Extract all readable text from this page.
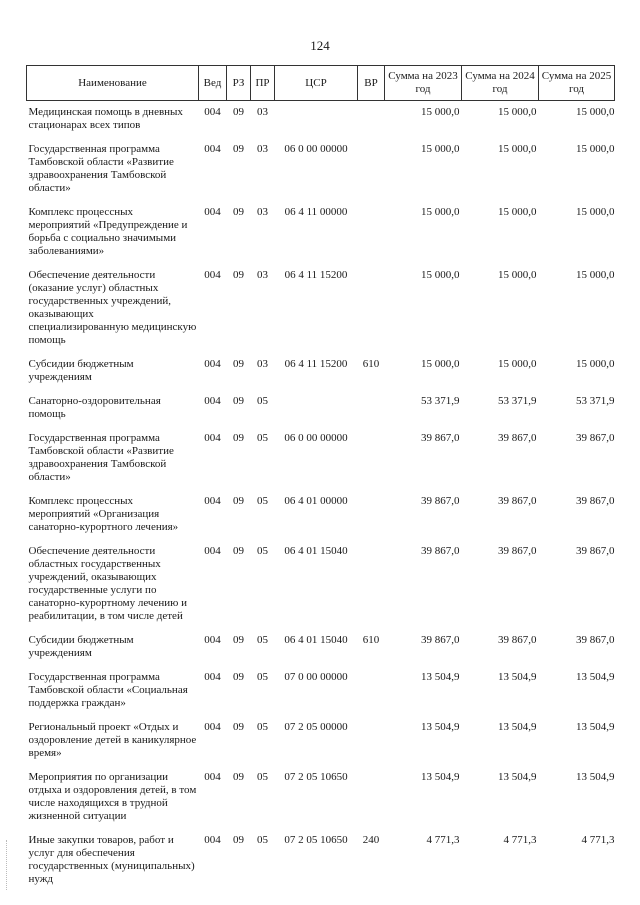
124
Наименование	Вед	РЗ	ПР	ЦСР	ВР	Сумма на 2023 год	Сумма на 2024 год	Сумма на 2025 год
Медицинская помощь в дневных стационарах всех типов	004	09	03			15 000,0	15 000,0	15 000,0
Государственная программа Тамбовской области «Развитие здравоохранения Тамбовской области»	004	09	03	06 0 00 00000		15 000,0	15 000,0	15 000,0
Комплекс процессных мероприятий «Предупреждение и борьба с социально значимыми заболеваниями»	004	09	03	06 4 11 00000		15 000,0	15 000,0	15 000,0
Обеспечение деятельности (оказание услуг) областных государственных учреждений, оказывающих специализированную медицинскую помощь	004	09	03	06 4 11 15200		15 000,0	15 000,0	15 000,0
Субсидии бюджетным учреждениям	004	09	03	06 4 11 15200	610	15 000,0	15 000,0	15 000,0
Санаторно-оздоровительная помощь	004	09	05			53 371,9	53 371,9	53 371,9
Государственная программа Тамбовской области «Развитие здравоохранения Тамбовской области»	004	09	05	06 0 00 00000		39 867,0	39 867,0	39 867,0
Комплекс процессных мероприятий «Организация санаторно-курортного лечения»	004	09	05	06 4 01 00000		39 867,0	39 867,0	39 867,0
Обеспечение деятельности областных государственных учреждений, оказывающих государственные услуги по санаторно-курортному лечению и реабилитации, в том числе детей	004	09	05	06 4 01 15040		39 867,0	39 867,0	39 867,0
Субсидии бюджетным учреждениям	004	09	05	06 4 01 15040	610	39 867,0	39 867,0	39 867,0
Государственная программа Тамбовской области «Социальная поддержка граждан»	004	09	05	07 0 00 00000		13 504,9	13 504,9	13 504,9
Региональный проект «Отдых и оздоровление детей в каникулярное время»	004	09	05	07 2 05 00000		13 504,9	13 504,9	13 504,9
Мероприятия по организации отдыха и оздоровления детей, в том числе находящихся в трудной жизненной ситуации	004	09	05	07 2 05 10650		13 504,9	13 504,9	13 504,9
Иные закупки товаров, работ и услуг для обеспечения государственных (муниципальных) нужд	004	09	05	07 2 05 10650	240	4 771,3	4 771,3	4 771,3
